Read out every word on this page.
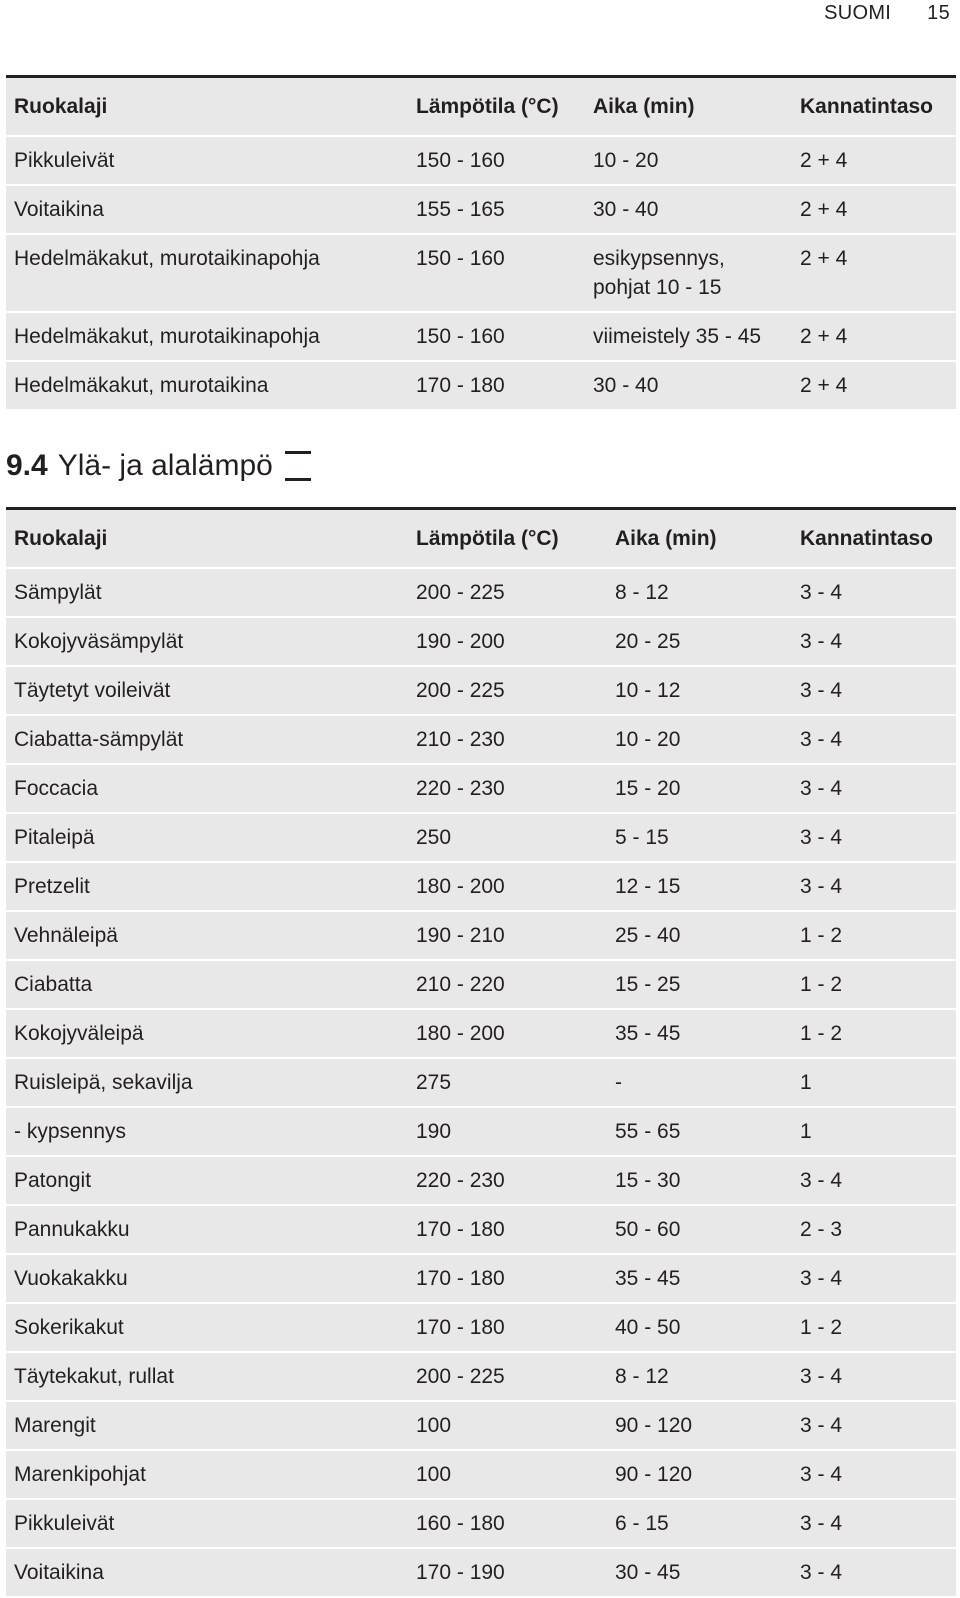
SUOMI 15
Ruokalaji	Lämpötila (°C)	Aika (min)	Kannatintaso
Pikkuleivät	150 - 160	10 - 20	2 + 4
Voitaikina	155 - 165	30 - 40	2 + 4
Hedelmäkakut, murotaikinapohja	150 - 160	esikypsennys, pohjat 10 - 15	2 + 4
Hedelmäkakut, murotaikinapohja	150 - 160	viimeistely 35 - 45	2 + 4
Hedelmäkakut, murotaikina	170 - 180	30 - 40	2 + 4
9.4 Ylä- ja alalämpö
Ruokalaji	Lämpötila (°C)	Aika (min)	Kannatintaso
Sämpylät	200 - 225	8 - 12	3 - 4
Kokojyväsämpylät	190 - 200	20 - 25	3 - 4
Täytetyt voileivät	200 - 225	10 - 12	3 - 4
Ciabatta-sämpylät	210 - 230	10 - 20	3 - 4
Foccacia	220 - 230	15 - 20	3 - 4
Pitaleipä	250	5 - 15	3 - 4
Pretzelit	180 - 200	12 - 15	3 - 4
Vehnäleipä	190 - 210	25 - 40	1 - 2
Ciabatta	210 - 220	15 - 25	1 - 2
Kokojyväleipä	180 - 200	35 - 45	1 - 2
Ruisleipä, sekavilja	275	-	1
- kypsennys	190	55 - 65	1
Patongit	220 - 230	15 - 30	3 - 4
Pannukakku	170 - 180	50 - 60	2 - 3
Vuokakakku	170 - 180	35 - 45	3 - 4
Sokerikakut	170 - 180	40 - 50	1 - 2
Täytekakut, rullat	200 - 225	8 - 12	3 - 4
Marengit	100	90 - 120	3 - 4
Marenkipohjat	100	90 - 120	3 - 4
Pikkuleivät	160 - 180	6 - 15	3 - 4
Voitaikina	170 - 190	30 - 45	3 - 4
